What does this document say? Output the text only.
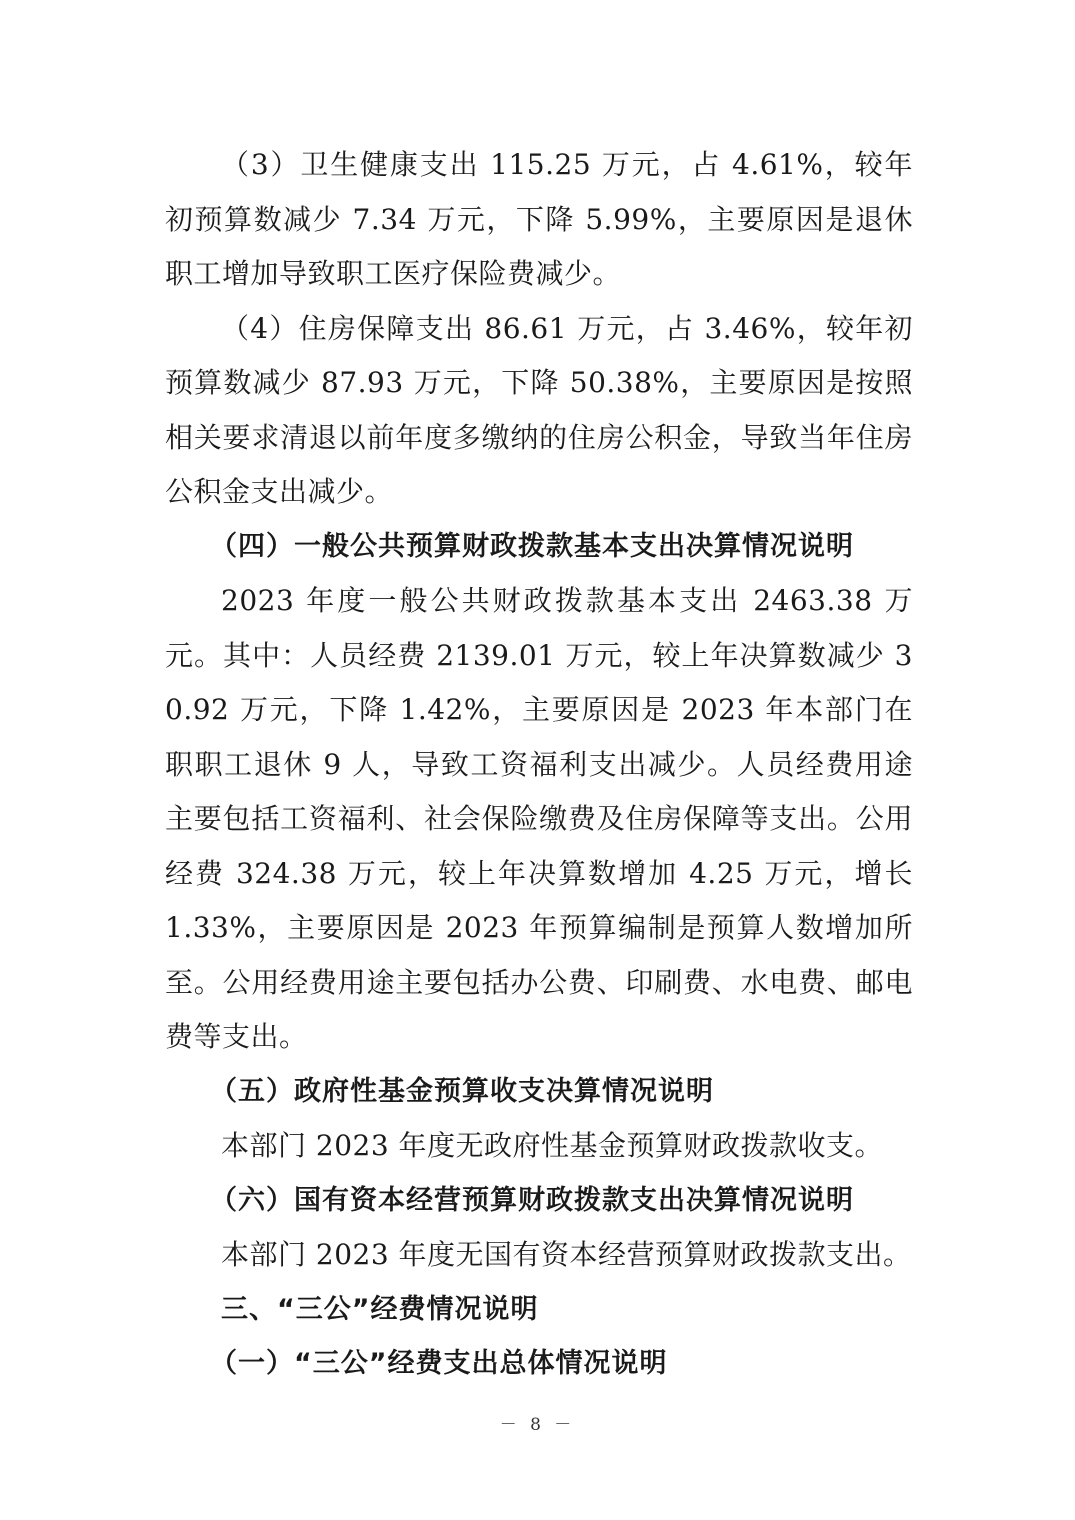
（3）卫生健康支出 115.25 万元，占 4.61%，较年初预算数减少 7.34 万元，下降 5.99%，主要原因是退休职工增加导致职工医疗保险费减少。

（4）住房保障支出 86.61 万元，占 3.46%，较年初预算数减少 87.93 万元，下降 50.38%，主要原因是按照相关要求清退以前年度多缴纳的住房公积金，导致当年住房公积金支出减少。

（四）一般公共预算财政拨款基本支出决算情况说明

2023 年度一般公共财政拨款基本支出 2463.38 万元。其中：人员经费 2139.01 万元，较上年决算数减少 30.92 万元，下降 1.42%，主要原因是 2023 年本部门在职职工退休 9 人，导致工资福利支出减少。人员经费用途主要包括工资福利、社会保险缴费及住房保障等支出。公用经费 324.38 万元，较上年决算数增加 4.25 万元，增长 1.33%，主要原因是 2023 年预算编制是预算人数增加所至。公用经费用途主要包括办公费、印刷费、水电费、邮电费等支出。

（五）政府性基金预算收支决算情况说明

本部门 2023 年度无政府性基金预算财政拨款收支。

（六）国有资本经营预算财政拨款支出决算情况说明

本部门 2023 年度无国有资本经营预算财政拨款支出。

三、“三公”经费情况说明

（一）“三公”经费支出总体情况说明

－ 8 －
